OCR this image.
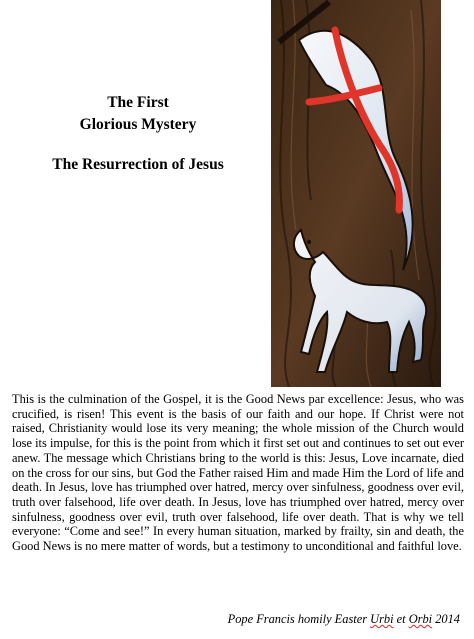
The First
Glorious Mystery
The Resurrection of Jesus

This is the culmination of the Gospel, it is the Good News par excellence: Jesus, who was crucified, is risen! This event is the basis of our faith and our hope. If Christ were not raised, Christianity would lose its very meaning; the whole mission of the Church would lose its impulse, for this is the point from which it first set out and continues to set out ever anew. The message which Christians bring to the world is this: Jesus, Love incarnate, died on the cross for our sins, but God the Father raised Him and made Him the Lord of life and death. In Jesus, love has triumphed over hatred, mercy over sinfulness, goodness over evil, truth over falsehood, life over death. In Jesus, love has triumphed over hatred, mercy over sinfulness, goodness over evil, truth over falsehood, life over death. That is why we tell everyone: “Come and see!” In every human situation, marked by frailty, sin and death, the Good News is no mere matter of words, but a testimony to unconditional and faithful love.

Pope Francis homily Easter Urbi et Orbi 2014
